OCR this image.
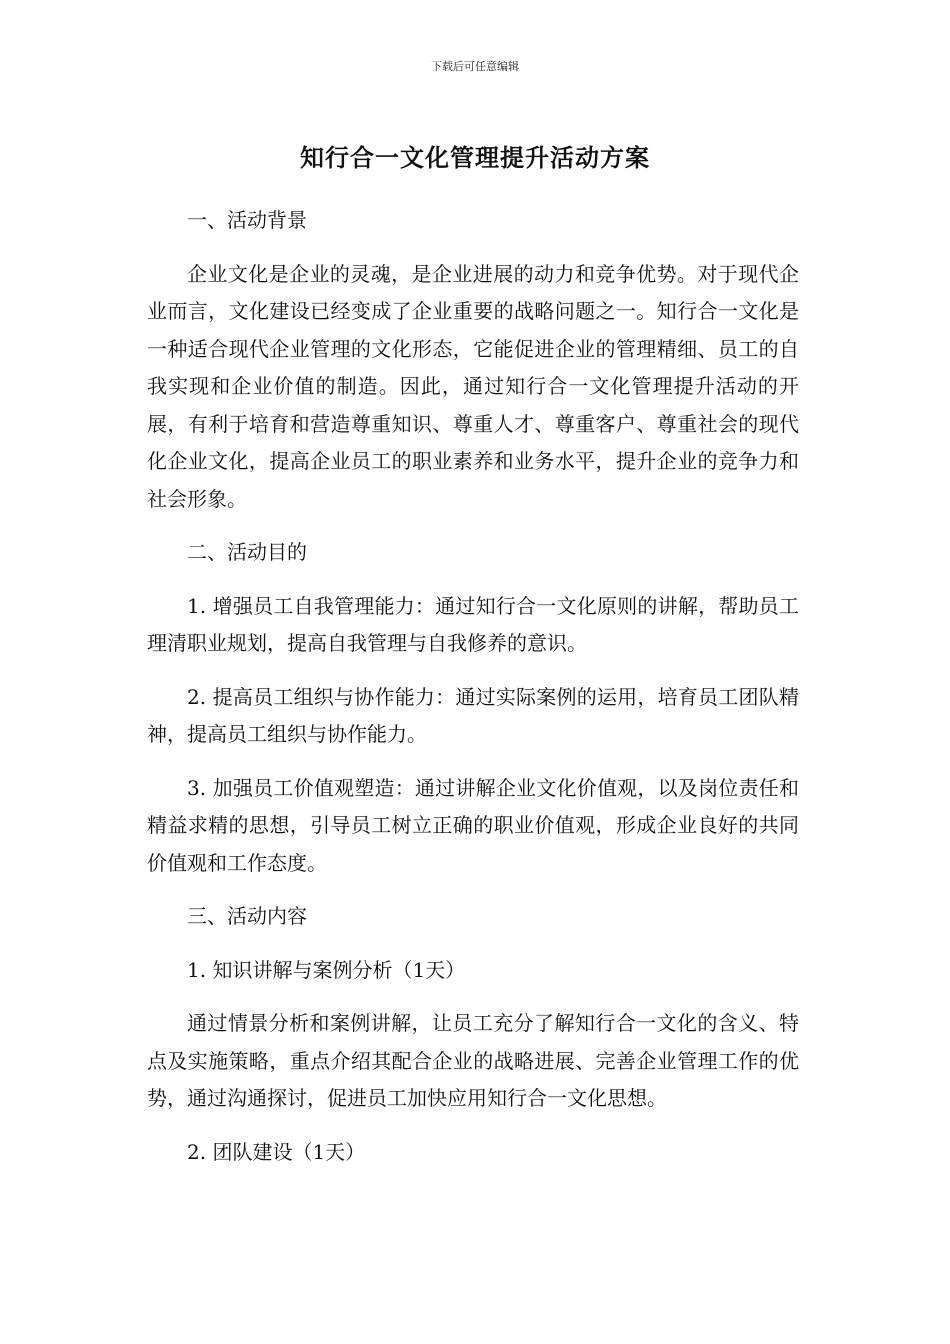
下载后可任意编辑
知行合一文化管理提升活动方案

一、活动背景

企业文化是企业的灵魂，是企业进展的动力和竞争优势。对于现代企业而言，文化建设已经变成了企业重要的战略问题之一。知行合一文化是一种适合现代企业管理的文化形态，它能促进企业的管理精细、员工的自我实现和企业价值的制造。因此，通过知行合一文化管理提升活动的开展，有利于培育和营造尊重知识、尊重人才、尊重客户、尊重社会的现代化企业文化，提高企业员工的职业素养和业务水平，提升企业的竞争力和社会形象。

二、活动目的

1. 增强员工自我管理能力：通过知行合一文化原则的讲解，帮助员工理清职业规划，提高自我管理与自我修养的意识。

2. 提高员工组织与协作能力：通过实际案例的运用，培育员工团队精神，提高员工组织与协作能力。

3. 加强员工价值观塑造：通过讲解企业文化价值观，以及岗位责任和精益求精的思想，引导员工树立正确的职业价值观，形成企业良好的共同价值观和工作态度。

三、活动内容

1. 知识讲解与案例分析（1天）

通过情景分析和案例讲解，让员工充分了解知行合一文化的含义、特点及实施策略，重点介绍其配合企业的战略进展、完善企业管理工作的优势，通过沟通探讨，促进员工加快应用知行合一文化思想。

2. 团队建设（1天）
